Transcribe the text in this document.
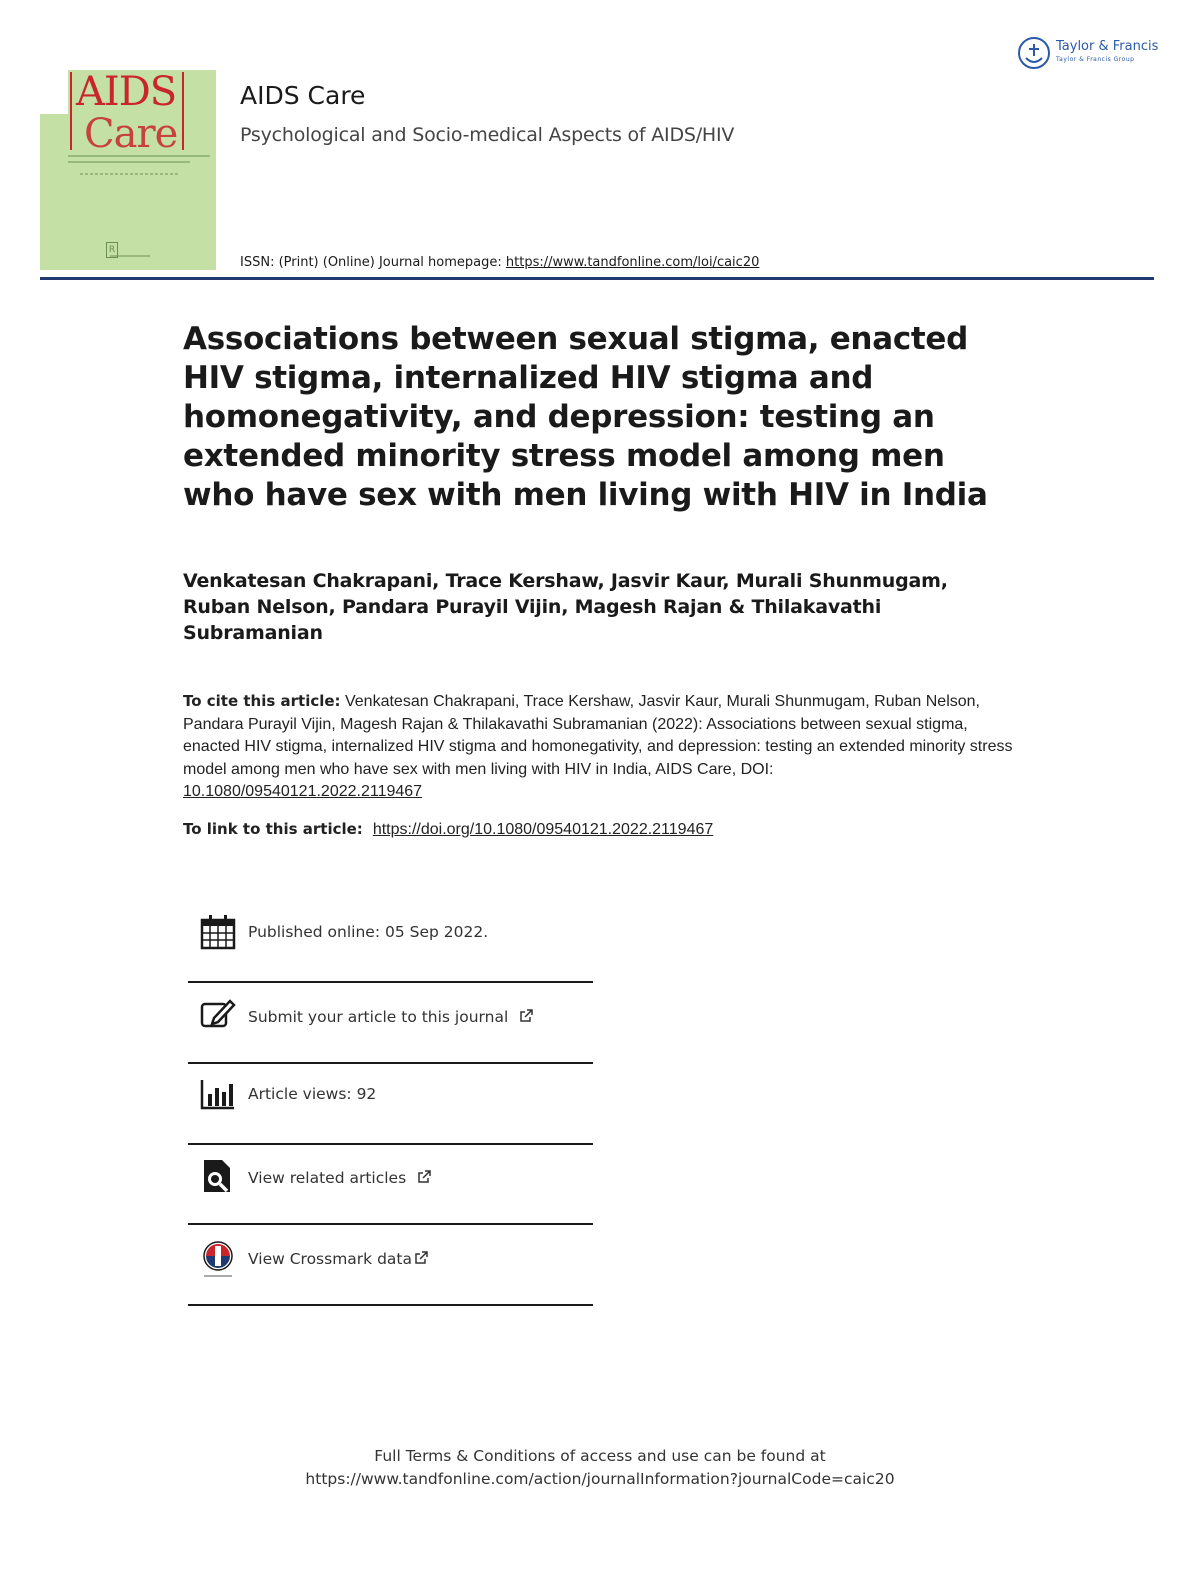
AIDS
Care
R
AIDS Care
Psychological and Socio-medical Aspects of AIDS/HIV
ISSN: (Print) (Online) Journal homepage: https://www.tandfonline.com/loi/caic20
Taylor & Francis
Taylor & Francis Group
Associations between sexual stigma, enacted HIV stigma, internalized HIV stigma and homonegativity, and depression: testing an extended minority stress model among men who have sex with men living with HIV in India
Venkatesan Chakrapani, Trace Kershaw, Jasvir Kaur, Murali Shunmugam, Ruban Nelson, Pandara Purayil Vijin, Magesh Rajan & Thilakavathi Subramanian
To cite this article: Venkatesan Chakrapani, Trace Kershaw, Jasvir Kaur, Murali Shunmugam, Ruban Nelson, Pandara Purayil Vijin, Magesh Rajan & Thilakavathi Subramanian (2022): Associations between sexual stigma, enacted HIV stigma, internalized HIV stigma and homonegativity, and depression: testing an extended minority stress model among men who have sex with men living with HIV in India, AIDS Care, DOI: 10.1080/09540121.2022.2119467
To link to this article: https://doi.org/10.1080/09540121.2022.2119467
Published online: 05 Sep 2022.
Submit your article to this journal
Article views: 92
View related articles
View Crossmark data
Full Terms & Conditions of access and use can be found at
https://www.tandfonline.com/action/journalInformation?journalCode=caic20
